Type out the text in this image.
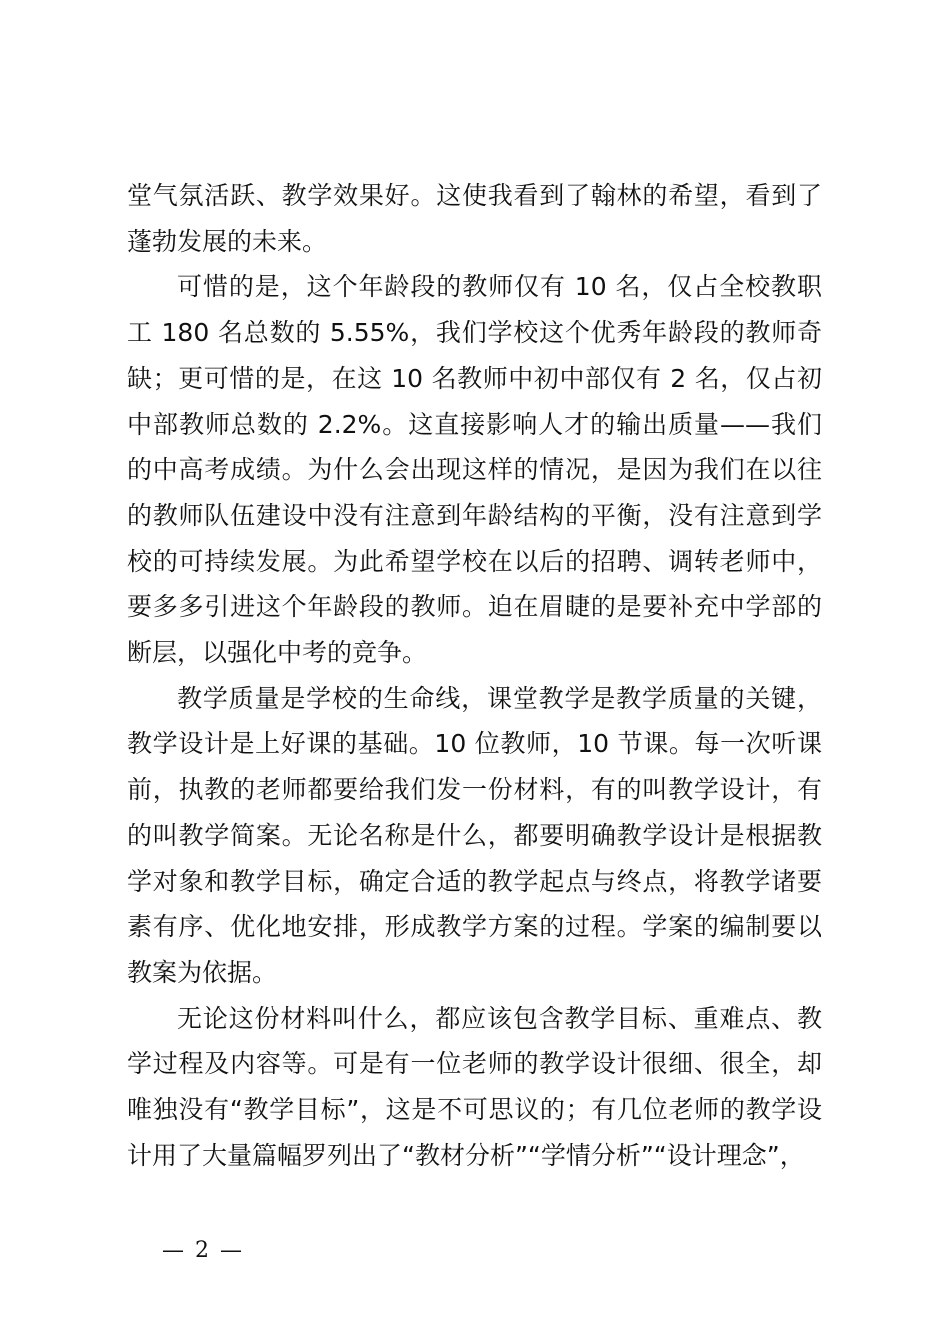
堂气氛活跃、教学效果好。这使我看到了翰林的希望，看到了蓬勃发展的未来。

可惜的是，这个年龄段的教师仅有 10 名，仅占全校教职工 180 名总数的 5.55%，我们学校这个优秀年龄段的教师奇缺；更可惜的是，在这 10 名教师中初中部仅有 2 名，仅占初中部教师总数的 2.2%。这直接影响人才的输出质量——我们的中高考成绩。为什么会出现这样的情况，是因为我们在以往的教师队伍建设中没有注意到年龄结构的平衡，没有注意到学校的可持续发展。为此希望学校在以后的招聘、调转老师中，要多多引进这个年龄段的教师。迫在眉睫的是要补充中学部的断层，以强化中考的竞争。

教学质量是学校的生命线，课堂教学是教学质量的关键，教学设计是上好课的基础。10 位教师，10 节课。每一次听课前，执教的老师都要给我们发一份材料，有的叫教学设计，有的叫教学简案。无论名称是什么，都要明确教学设计是根据教学对象和教学目标，确定合适的教学起点与终点，将教学诸要素有序、优化地安排，形成教学方案的过程。学案的编制要以教案为依据。

无论这份材料叫什么，都应该包含教学目标、重难点、教学过程及内容等。可是有一位老师的教学设计很细、很全，却唯独没有“教学目标”，这是不可思议的；有几位老师的教学设计用了大量篇幅罗列出了“教材分析”“学情分析”“设计理念”，

— 2 —
